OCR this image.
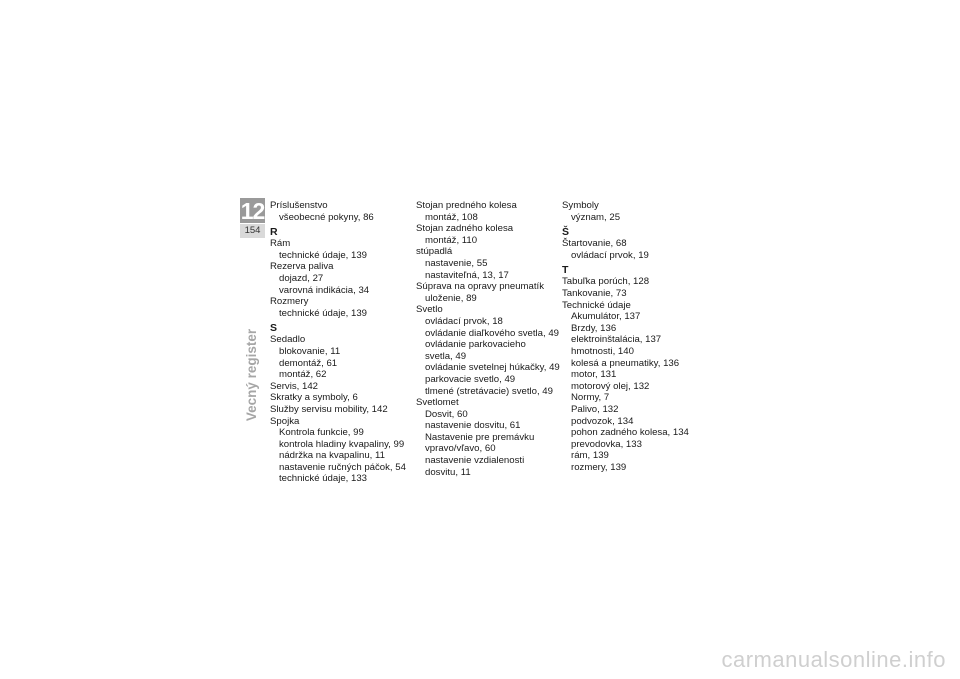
12
154
Vecný register
Príslušenstvo
všeobecné pokyny, 86
R
Rám
technické údaje, 139
Rezerva paliva
dojazd, 27
varovná indikácia, 34
Rozmery
technické údaje, 139
S
Sedadlo
blokovanie, 11
demontáž, 61
montáž, 62
Servis, 142
Skratky a symboly, 6
Služby servisu mobility, 142
Spojka
Kontrola funkcie, 99
kontrola hladiny kvapaliny, 99
nádržka na kvapalinu, 11
nastavenie ručných páčok, 54
technické údaje, 133
Stojan predného kolesa
montáž, 108
Stojan zadného kolesa
montáž, 110
stúpadlá
nastavenie, 55
nastaviteľná, 13, 17
Súprava na opravy pneumatík
uloženie, 89
Svetlo
ovládací prvok, 18
ovládanie diaľkového svetla, 49
ovládanie parkovacieho
svetla, 49
ovládanie svetelnej húkačky, 49
parkovacie svetlo, 49
tlmené (stretávacie) svetlo, 49
Svetlomet
Dosvit, 60
nastavenie dosvitu, 61
Nastavenie pre premávku
vpravo/vľavo, 60
nastavenie vzdialenosti
dosvitu, 11
Symboly
význam, 25
Š
Štartovanie, 68
ovládací prvok, 19
T
Tabuľka porúch, 128
Tankovanie, 73
Technické údaje
Akumulátor, 137
Brzdy, 136
elektroinštalácia, 137
hmotnosti, 140
kolesá a pneumatiky, 136
motor, 131
motorový olej, 132
Normy, 7
Palivo, 132
podvozok, 134
pohon zadného kolesa, 134
prevodovka, 133
rám, 139
rozmery, 139
carmanualsonline.info
